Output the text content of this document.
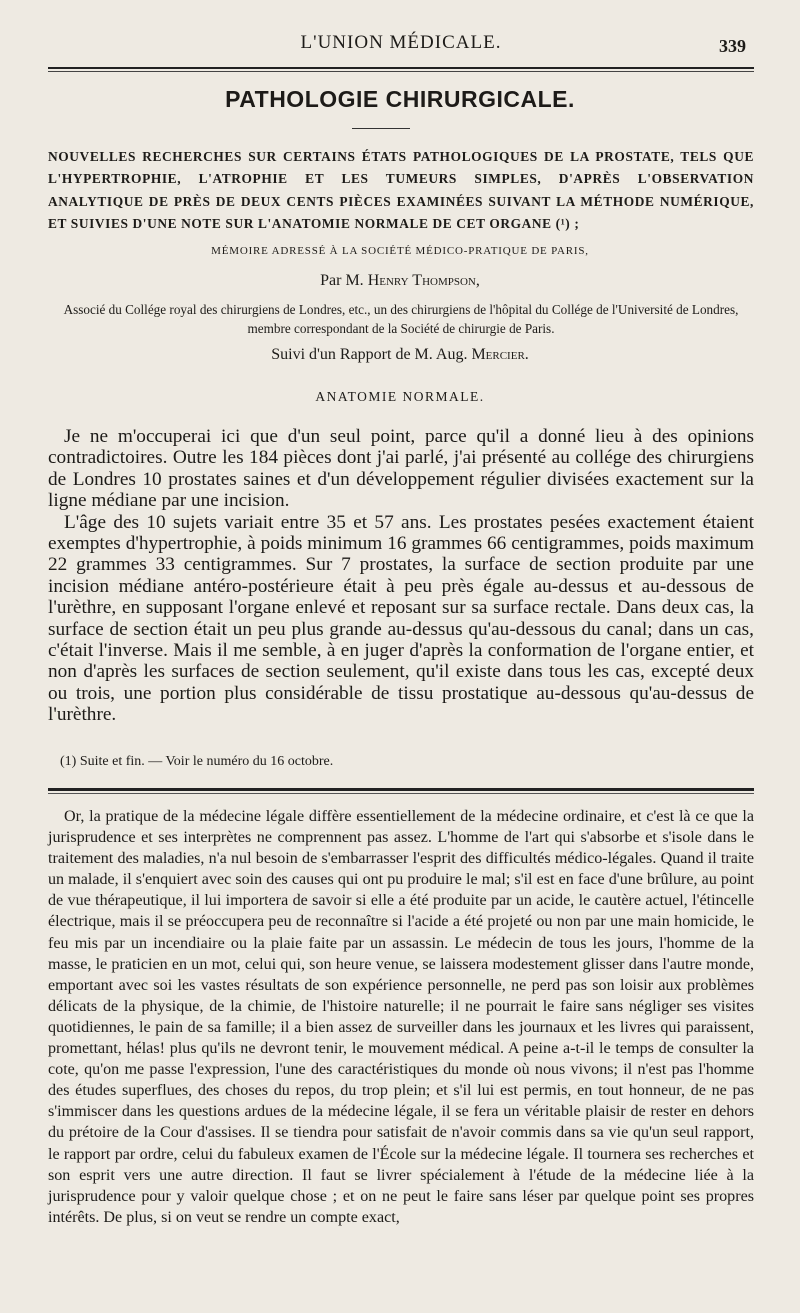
L'UNION MÉDICALE.	339
PATHOLOGIE CHIRURGICALE.
NOUVELLES RECHERCHES SUR CERTAINS ÉTATS PATHOLOGIQUES DE LA PROSTATE, TELS QUE L'HYPERTROPHIE, L'ATROPHIE ET LES TUMEURS SIMPLES, D'APRÈS L'OBSERVATION ANALYTIQUE DE PRÈS DE DEUX CENTS PIÈCES EXAMINÉES SUIVANT LA MÉTHODE NUMÉRIQUE, ET SUIVIES D'UNE NOTE SUR L'ANATOMIE NORMALE DE CET ORGANE (¹) ;
MÉMOIRE ADRESSÉ À LA SOCIÉTÉ MÉDICO-PRATIQUE DE PARIS,
Par M. Henry Thompson,
Associé du Collége royal des chirurgiens de Londres, etc., un des chirurgiens de l'hôpital du Collége de l'Université de Londres, membre correspondant de la Société de chirurgie de Paris.
Suivi d'un Rapport de M. Aug. Mercier.
ANATOMIE NORMALE.

Je ne m'occuperai ici que d'un seul point, parce qu'il a donné lieu à des opinions contradictoires. Outre les 184 pièces dont j'ai parlé, j'ai présenté au collége des chirurgiens de Londres 10 prostates saines et d'un développement régulier divisées exactement sur la ligne médiane par une incision.

L'âge des 10 sujets variait entre 35 et 57 ans. Les prostates pesées exactement étaient exemptes d'hypertrophie, à poids minimum 16 grammes 66 centigrammes, poids maximum 22 grammes 33 centigrammes. Sur 7 prostates, la surface de section produite par une incision médiane antéro-postérieure était à peu près égale au-dessus et au-dessous de l'urèthre, en supposant l'organe enlevé et reposant sur sa surface rectale. Dans deux cas, la surface de section était un peu plus grande au-dessus qu'au-dessous du canal; dans un cas, c'était l'inverse. Mais il me semble, à en juger d'après la conformation de l'organe entier, et non d'après les surfaces de section seulement, qu'il existe dans tous les cas, excepté deux ou trois, une portion plus considérable de tissu prostatique au-dessous qu'au-dessus de l'urèthre.

(1) Suite et fin. — Voir le numéro du 16 octobre.

Or, la pratique de la médecine légale diffère essentiellement de la médecine ordinaire, et c'est là ce que la jurisprudence et ses interprètes ne comprennent pas assez. L'homme de l'art qui s'absorbe et s'isole dans le traitement des maladies, n'a nul besoin de s'embarrasser l'esprit des difficultés médico-légales. Quand il traite un malade, il s'enquiert avec soin des causes qui ont pu produire le mal; s'il est en face d'une brûlure, au point de vue thérapeutique, il lui importera de savoir si elle a été produite par un acide, le cautère actuel, l'étincelle électrique, mais il se préoccupera peu de reconnaître si l'acide a été projeté ou non par une main homicide, le feu mis par un incendiaire ou la plaie faite par un assassin. Le médecin de tous les jours, l'homme de la masse, le praticien en un mot, celui qui, son heure venue, se laissera modestement glisser dans l'autre monde, emportant avec soi les vastes résultats de son expérience personnelle, ne perd pas son loisir aux problèmes délicats de la physique, de la chimie, de l'histoire naturelle; il ne pourrait le faire sans négliger ses visites quotidiennes, le pain de sa famille; il a bien assez de surveiller dans les journaux et les livres qui paraissent, promettant, hélas! plus qu'ils ne devront tenir, le mouvement médical. A peine a-t-il le temps de consulter la cote, qu'on me passe l'expression, l'une des caractéristiques du monde où nous vivons; il n'est pas l'homme des études superflues, des choses du repos, du trop plein; et s'il lui est permis, en tout honneur, de ne pas s'immiscer dans les questions ardues de la médecine légale, il se fera un véritable plaisir de rester en dehors du prétoire de la Cour d'assises. Il se tiendra pour satisfait de n'avoir commis dans sa vie qu'un seul rapport, le rapport par ordre, celui du fabuleux examen de l'École sur la médecine légale. Il tournera ses recherches et son esprit vers une autre direction. Il faut se livrer spécialement à l'étude de la médecine liée à la jurisprudence pour y valoir quelque chose ; et on ne peut le faire sans léser par quelque point ses propres intérêts. De plus, si on veut se rendre un compte exact,
